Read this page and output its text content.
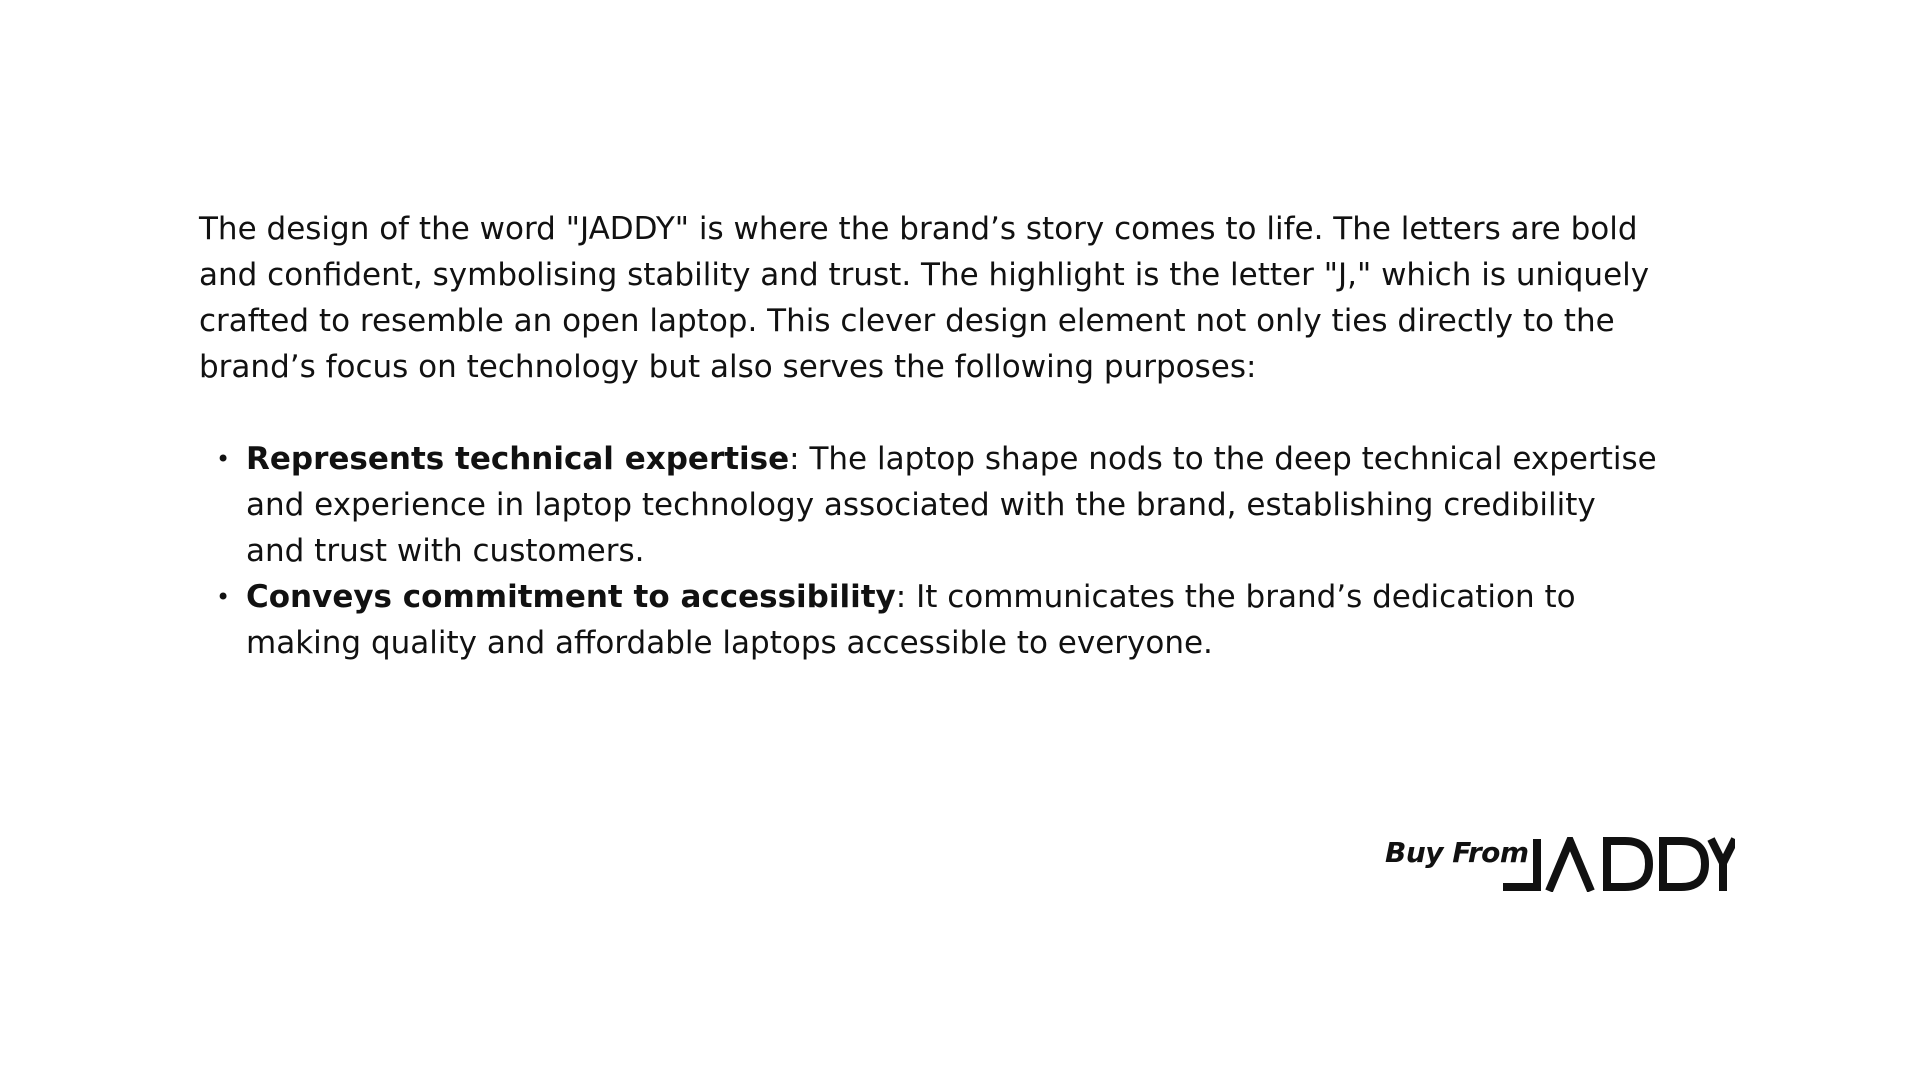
The design of the word "JADDY" is where the brand’s story comes to life. The letters are bold and confident, symbolising stability and trust. The highlight is the letter "J," which is uniquely crafted to resemble an open laptop. This clever design element not only ties directly to the brand’s focus on technology but also serves the following purposes:

• Represents technical expertise: The laptop shape nods to the deep technical expertise and experience in laptop technology associated with the brand, establishing credibility and trust with customers.
• Conveys commitment to accessibility: It communicates the brand’s dedication to making quality and affordable laptops accessible to everyone.
Buy From
